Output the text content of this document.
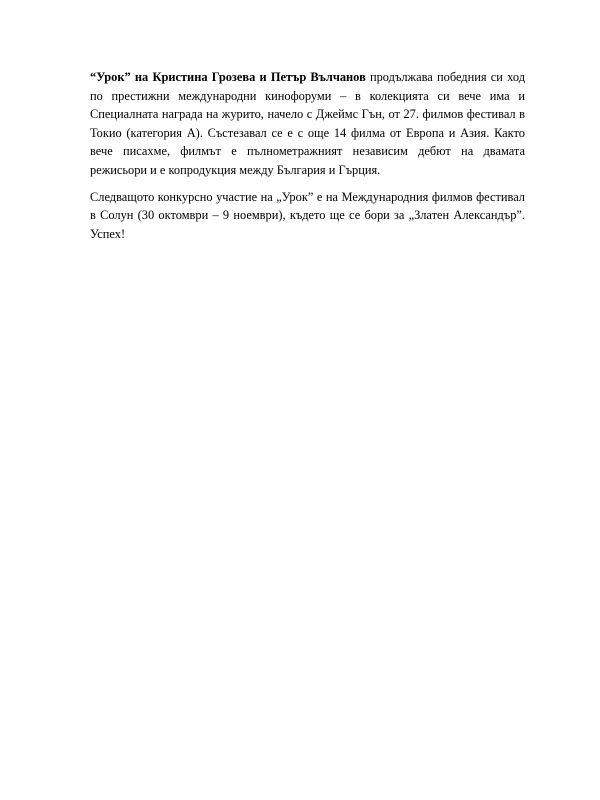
“Урок” на Кристина Грозева и Петър Вълчанов продължава победния си ход по престижни международни кинофоруми – в колекцията си вече има и Специалната награда на журито, начело с Джеймс Гън, от 27. филмов фестивал в Токио (категория А). Състезавал се е с още 14 филма от Европа и Азия. Както вече писахме, филмът е пълнометражният независим дебют на двамата режисьори и е копродукция между България и Гърция.

Следващото конкурсно участие на „Урок” е на Международния филмов фестивал в Солун (30 октомври – 9 ноември), където ще се бори за „Златен Александър”. Успех!
